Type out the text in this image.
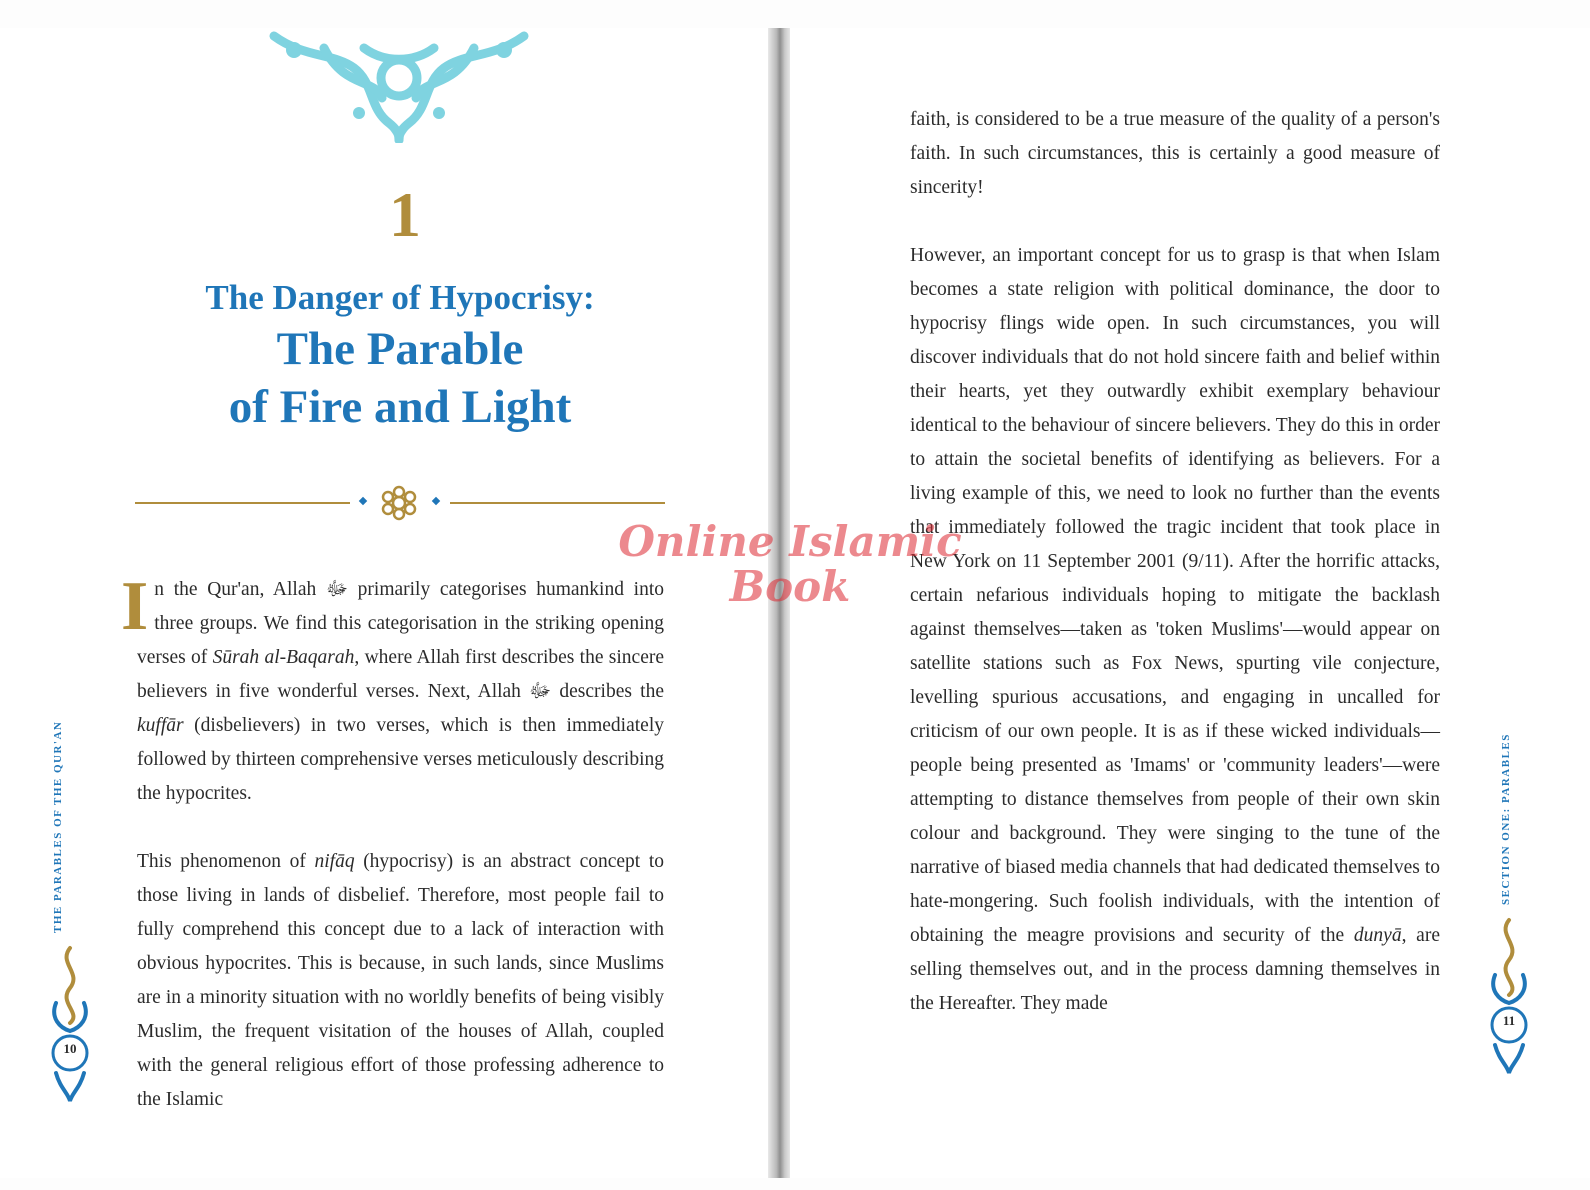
1
The Danger of Hypocrisy:
The Parable
of Fire and Light

In the Qur'an, Allah ﷻ primarily categorises humankind into three groups. We find this categorisation in the striking opening verses of Sūrah al-Baqarah, where Allah first describes the sincere believers in five wonderful verses. Next, Allah ﷻ describes the kuffār (disbelievers) in two verses, which is then immediately followed by thirteen comprehensive verses meticulously describing the hypocrites.

This phenomenon of nifāq (hypocrisy) is an abstract concept to those living in lands of disbelief. Therefore, most people fail to fully comprehend this concept due to a lack of interaction with obvious hypocrites. This is because, in such lands, since Muslims are in a minority situation with no worldly benefits of being visibly Muslim, the frequent visitation of the houses of Allah, coupled with the general religious effort of those professing adherence to the Islamic

THE PARABLES OF THE QUR'AN
10

faith, is considered to be a true measure of the quality of a person's faith. In such circumstances, this is certainly a good measure of sincerity!

However, an important concept for us to grasp is that when Islam becomes a state religion with political dominance, the door to hypocrisy flings wide open. In such circumstances, you will discover individuals that do not hold sincere faith and belief within their hearts, yet they outwardly exhibit exemplary behaviour identical to the behaviour of sincere believers. They do this in order to attain the societal benefits of identifying as believers. For a living example of this, we need to look no further than the events that immediately followed the tragic incident that took place in New York on 11 September 2001 (9/11). After the horrific attacks, certain nefarious individuals hoping to mitigate the backlash against themselves—taken as 'token Muslims'—would appear on satellite stations such as Fox News, spurting vile conjecture, levelling spurious accusations, and engaging in uncalled for criticism of our own people. It is as if these wicked individuals—people being presented as 'Imams' or 'community leaders'—were attempting to distance themselves from people of their own skin colour and background. They were singing to the tune of the narrative of biased media channels that had dedicated themselves to hate-mongering. Such foolish individuals, with the intention of obtaining the meagre provisions and security of the dunyā, are selling themselves out, and in the process damning themselves in the Hereafter. They made

SECTION ONE: PARABLES
11
Online Islamic
Book
